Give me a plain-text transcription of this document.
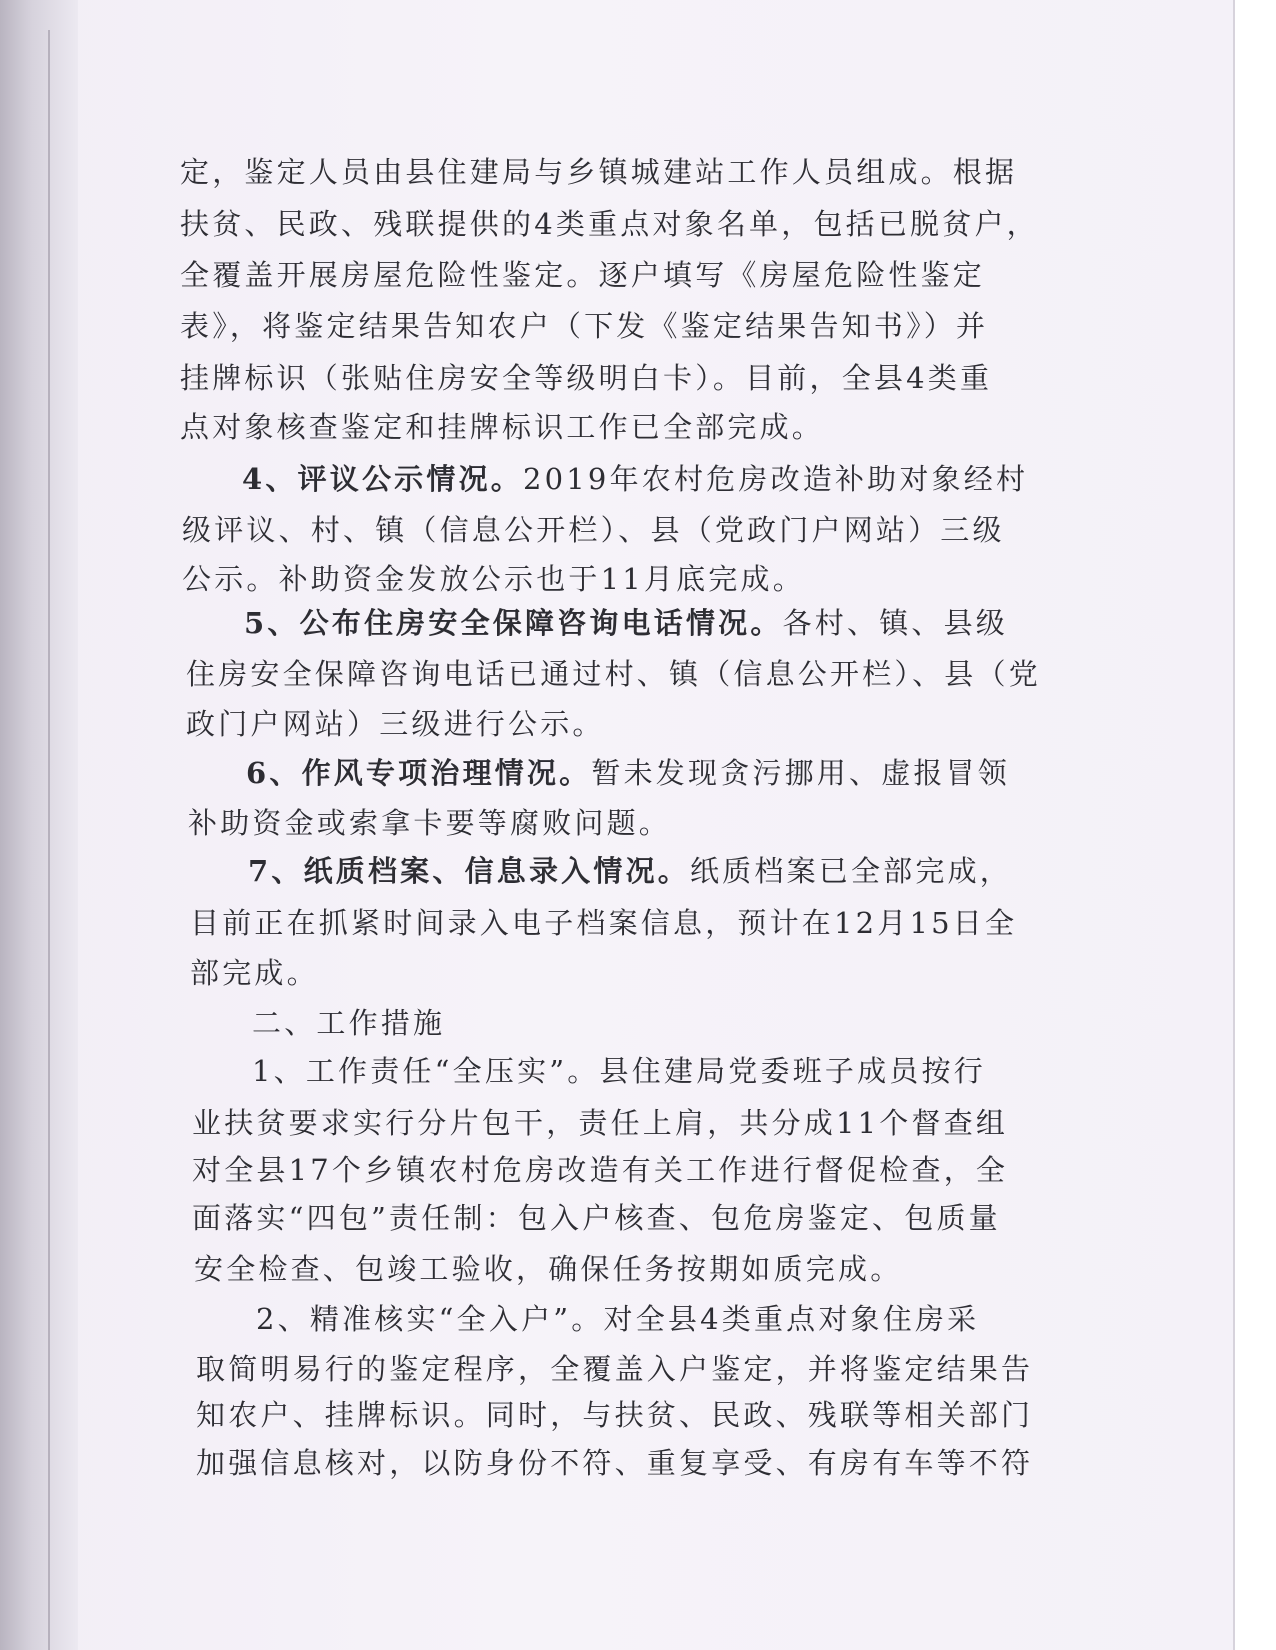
定，鉴定人员由县住建局与乡镇城建站工作人员组成。根据
扶贫、民政、残联提供的4类重点对象名单，包括已脱贫户，
全覆盖开展房屋危险性鉴定。逐户填写《房屋危险性鉴定
表》，将鉴定结果告知农户（下发《鉴定结果告知书》）并
挂牌标识（张贴住房安全等级明白卡）。目前，全县4类重
点对象核查鉴定和挂牌标识工作已全部完成。
4、评议公示情况。2019年农村危房改造补助对象经村
级评议、村、镇（信息公开栏）、县（党政门户网站）三级
公示。补助资金发放公示也于11月底完成。
5、公布住房安全保障咨询电话情况。各村、镇、县级
住房安全保障咨询电话已通过村、镇（信息公开栏）、县（党
政门户网站）三级进行公示。
6、作风专项治理情况。暂未发现贪污挪用、虚报冒领
补助资金或索拿卡要等腐败问题。
7、纸质档案、信息录入情况。纸质档案已全部完成，
目前正在抓紧时间录入电子档案信息，预计在12月15日全
部完成。
二、工作措施
1、工作责任“全压实”。县住建局党委班子成员按行
业扶贫要求实行分片包干，责任上肩，共分成11个督查组
对全县17个乡镇农村危房改造有关工作进行督促检查，全
面落实“四包”责任制：包入户核查、包危房鉴定、包质量
安全检查、包竣工验收，确保任务按期如质完成。
2、精准核实“全入户”。对全县4类重点对象住房采
取简明易行的鉴定程序，全覆盖入户鉴定，并将鉴定结果告
知农户、挂牌标识。同时，与扶贫、民政、残联等相关部门
加强信息核对，以防身份不符、重复享受、有房有车等不符
